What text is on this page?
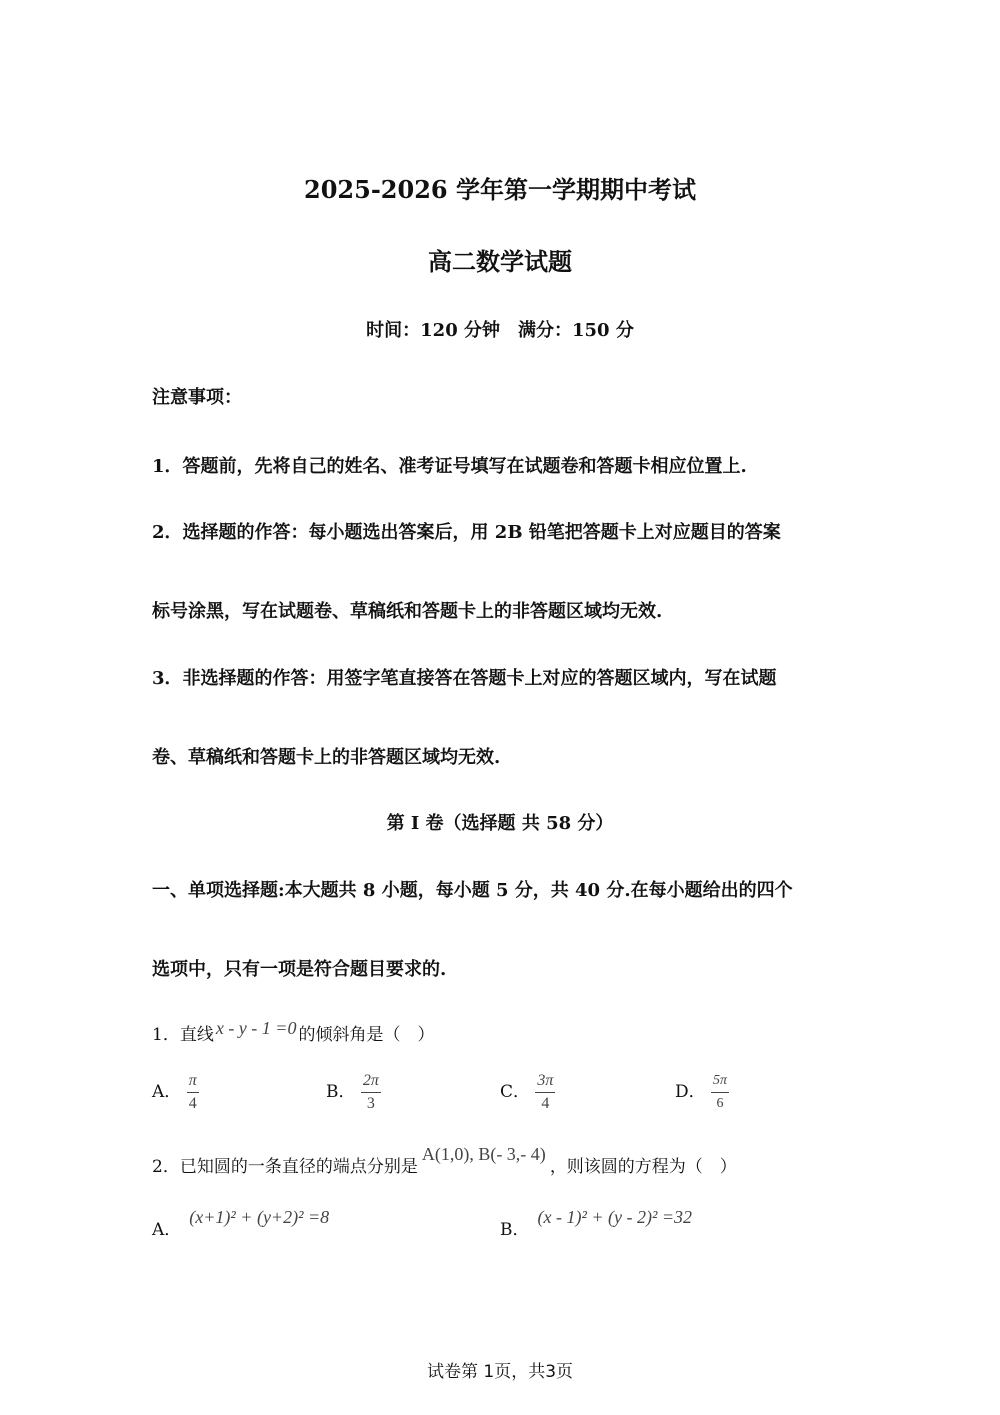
2025-2026 学年第一学期期中考试
高二数学试题
时间：120 分钟　满分：150 分
注意事项：
1．答题前，先将自己的姓名、准考证号填写在试题卷和答题卡相应位置上.
2．选择题的作答：每小题选出答案后，用 2B 铅笔把答题卡上对应题目的答案
标号涂黑，写在试题卷、草稿纸和答题卡上的非答题区域均无效.
3．非选择题的作答：用签字笔直接答在答题卡上对应的答题区域内，写在试题
卷、草稿纸和答题卡上的非答题区域均无效.
第 I 卷（选择题 共 58 分）
一、单项选择题:本大题共 8 小题，每小题 5 分，共 40 分.在每小题给出的四个
选项中，只有一项是符合题目要求的.
1．直线 x - y - 1 =0 的倾斜角是（　）
A． $\frac{\pi}{4}$	B． $\frac{2\pi}{3}$	C． $\frac{3\pi}{4}$	D． $\frac{5\pi}{6}$
2．已知圆的一条直径的端点分别是A(1,0), B(- 3,- 4)，则该圆的方程为（　）
A．(x+1)² + (y+2)² =8
B．(x - 1)² + (y - 2)² =32
试卷第 1页，共3页
